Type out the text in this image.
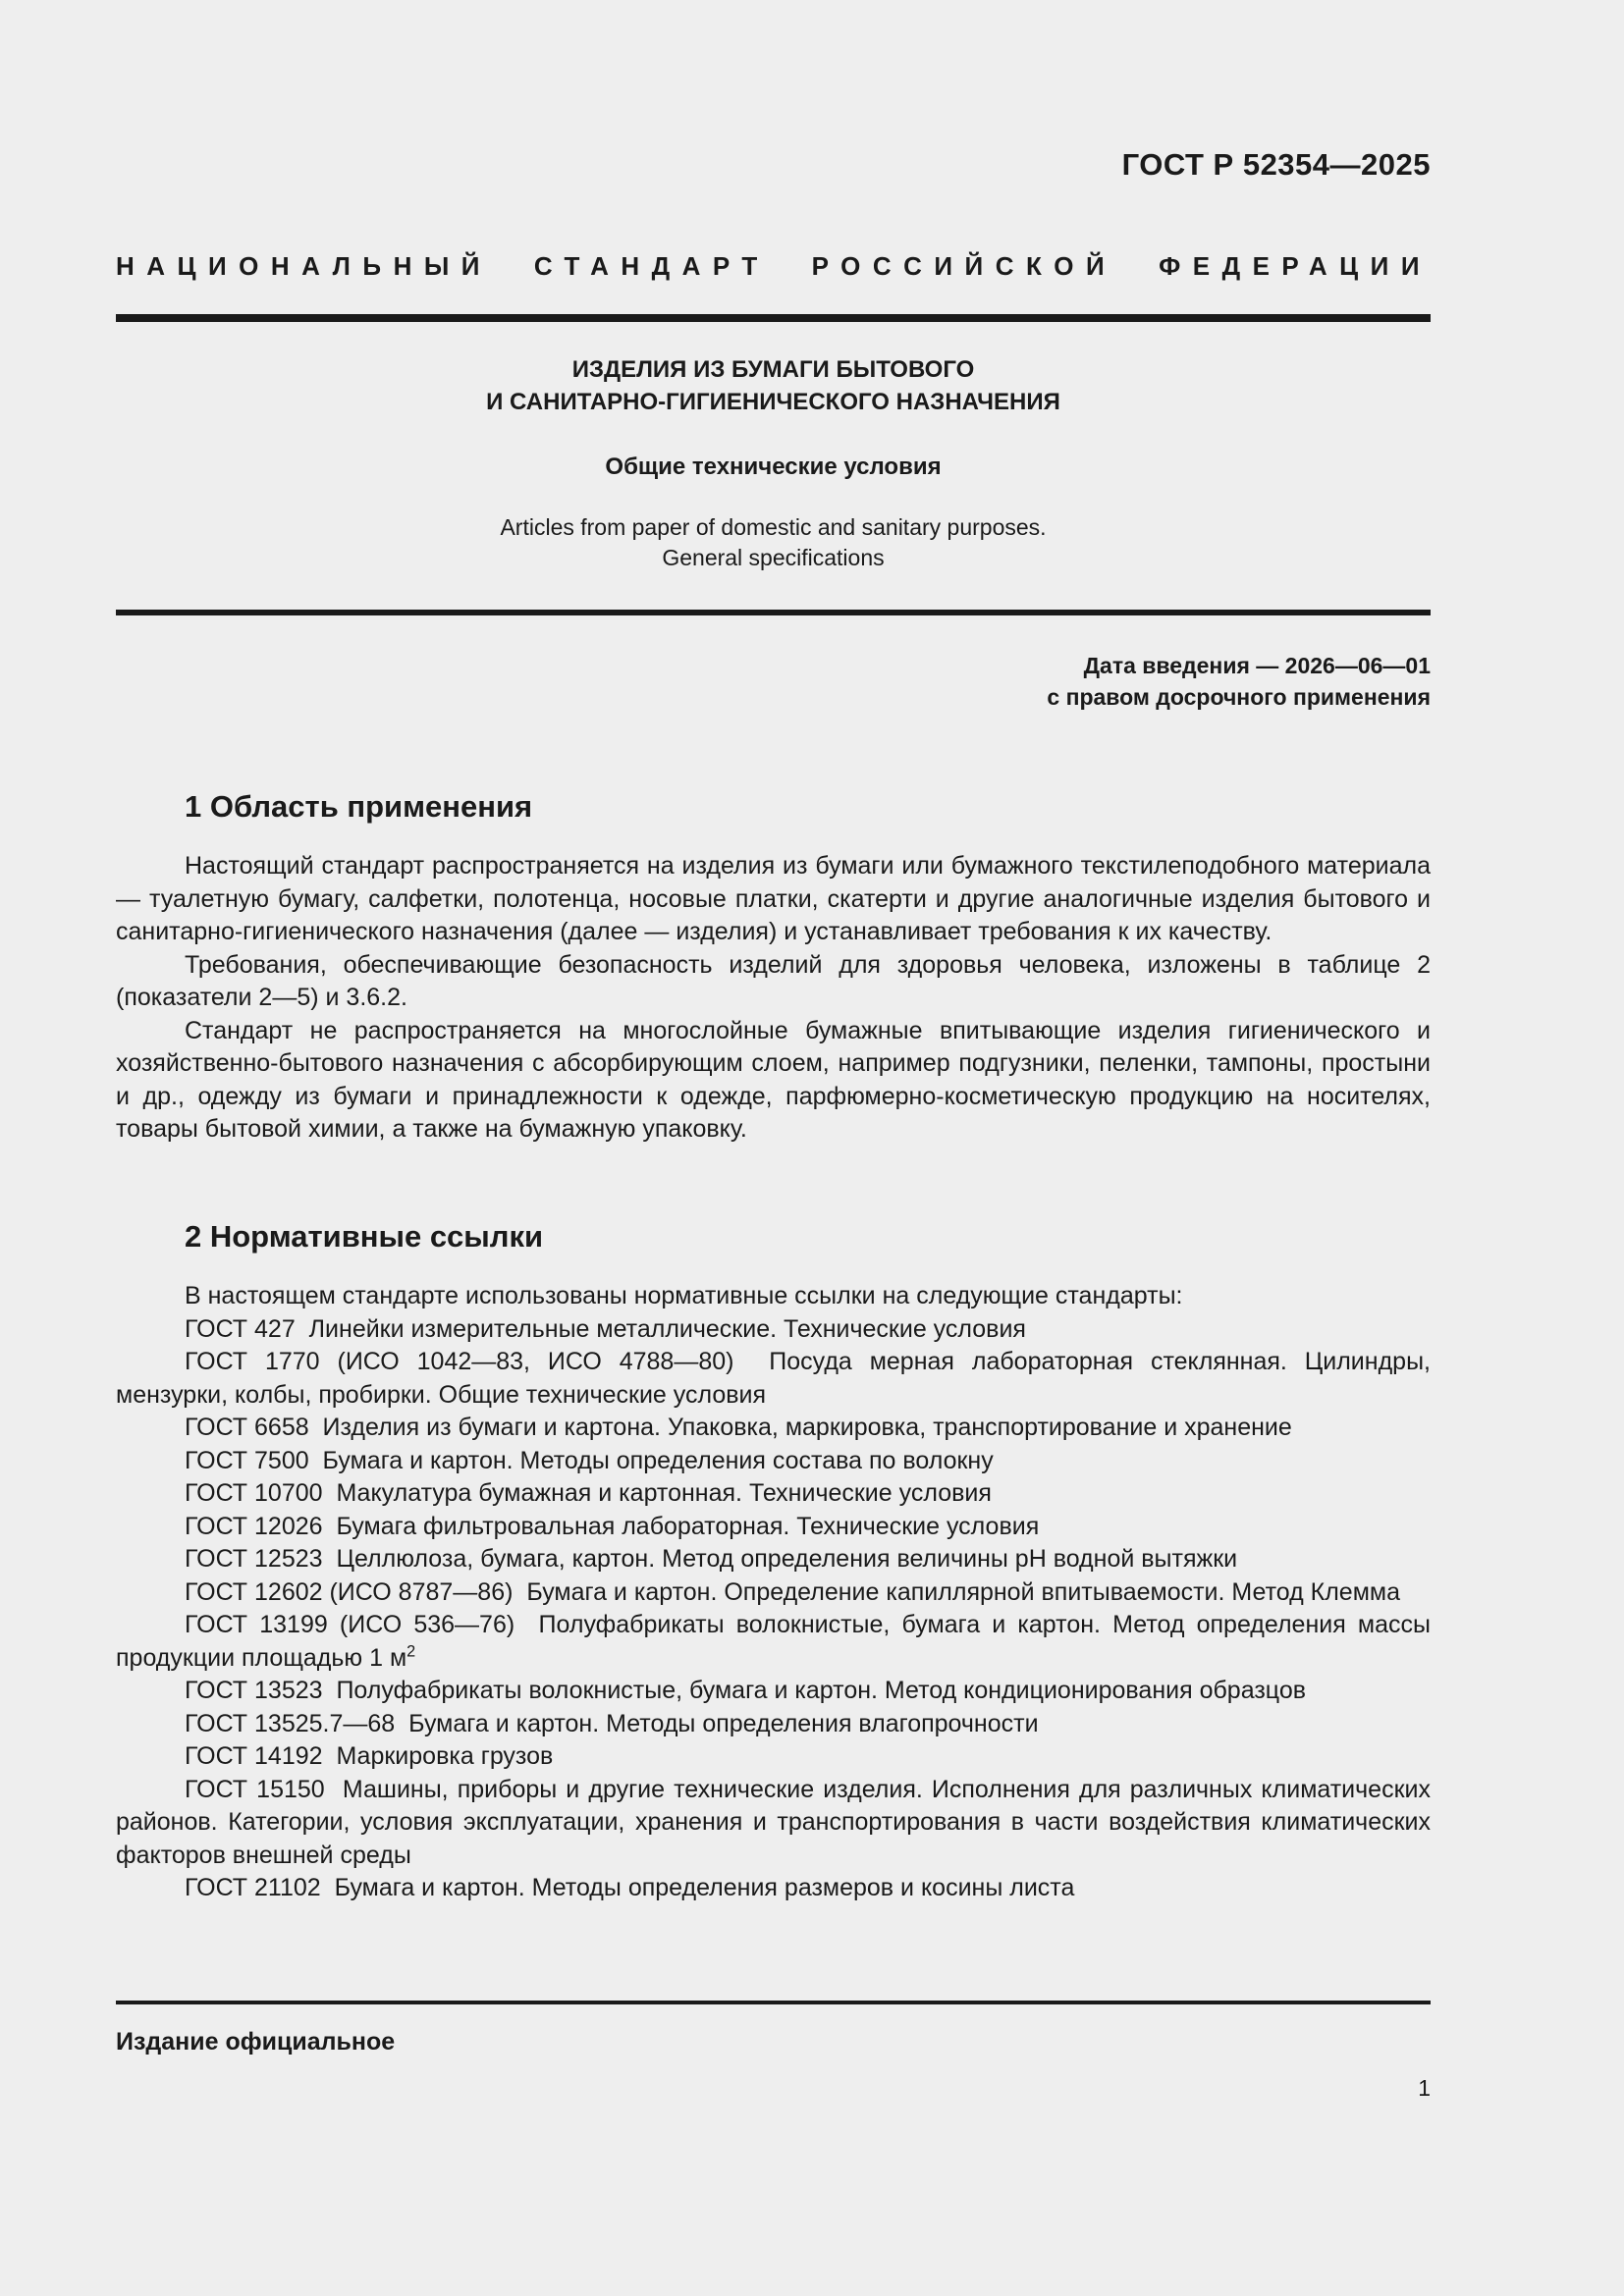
ГОСТ Р 52354—2025
НАЦИОНАЛЬНЫЙ СТАНДАРТ РОССИЙСКОЙ ФЕДЕРАЦИИ
ИЗДЕЛИЯ ИЗ БУМАГИ БЫТОВОГО
И САНИТАРНО-ГИГИЕНИЧЕСКОГО НАЗНАЧЕНИЯ
Общие технические условия
Articles from paper of domestic and sanitary purposes.
General specifications
Дата введения — 2026—06—01
с правом досрочного применения
1 Область применения

Настоящий стандарт распространяется на изделия из бумаги или бумажного текстилеподобного материала — туалетную бумагу, салфетки, полотенца, носовые платки, скатерти и другие аналогичные изделия бытового и санитарно-гигиенического назначения (далее — изделия) и устанавливает требования к их качеству.

Требования, обеспечивающие безопасность изделий для здоровья человека, изложены в таблице 2 (показатели 2—5) и 3.6.2.

Стандарт не распространяется на многослойные бумажные впитывающие изделия гигиенического и хозяйственно-бытового назначения с абсорбирующим слоем, например подгузники, пеленки, тампоны, простыни и др., одежду из бумаги и принадлежности к одежде, парфюмерно-косметическую продукцию на носителях, товары бытовой химии, а также на бумажную упаковку.

2 Нормативные ссылки

В настоящем стандарте использованы нормативные ссылки на следующие стандарты:

ГОСТ 427 Линейки измерительные металлические. Технические условия

ГОСТ 1770 (ИСО 1042—83, ИСО 4788—80) Посуда мерная лабораторная стеклянная. Цилиндры, мензурки, колбы, пробирки. Общие технические условия

ГОСТ 6658 Изделия из бумаги и картона. Упаковка, маркировка, транспортирование и хранение

ГОСТ 7500 Бумага и картон. Методы определения состава по волокну

ГОСТ 10700 Макулатура бумажная и картонная. Технические условия

ГОСТ 12026 Бумага фильтровальная лабораторная. Технические условия

ГОСТ 12523 Целлюлоза, бумага, картон. Метод определения величины pH водной вытяжки

ГОСТ 12602 (ИСО 8787—86) Бумага и картон. Определение капиллярной впитываемости. Метод Клемма

ГОСТ 13199 (ИСО 536—76) Полуфабрикаты волокнистые, бумага и картон. Метод определения массы продукции площадью 1 $м^2$

ГОСТ 13523 Полуфабрикаты волокнистые, бумага и картон. Метод кондиционирования образцов

ГОСТ 13525.7—68 Бумага и картон. Методы определения влагопрочности

ГОСТ 14192 Маркировка грузов

ГОСТ 15150 Машины, приборы и другие технические изделия. Исполнения для различных климатических районов. Категории, условия эксплуатации, хранения и транспортирования в части воздействия климатических факторов внешней среды

ГОСТ 21102 Бумага и картон. Методы определения размеров и косины листа

Издание официальное
1
